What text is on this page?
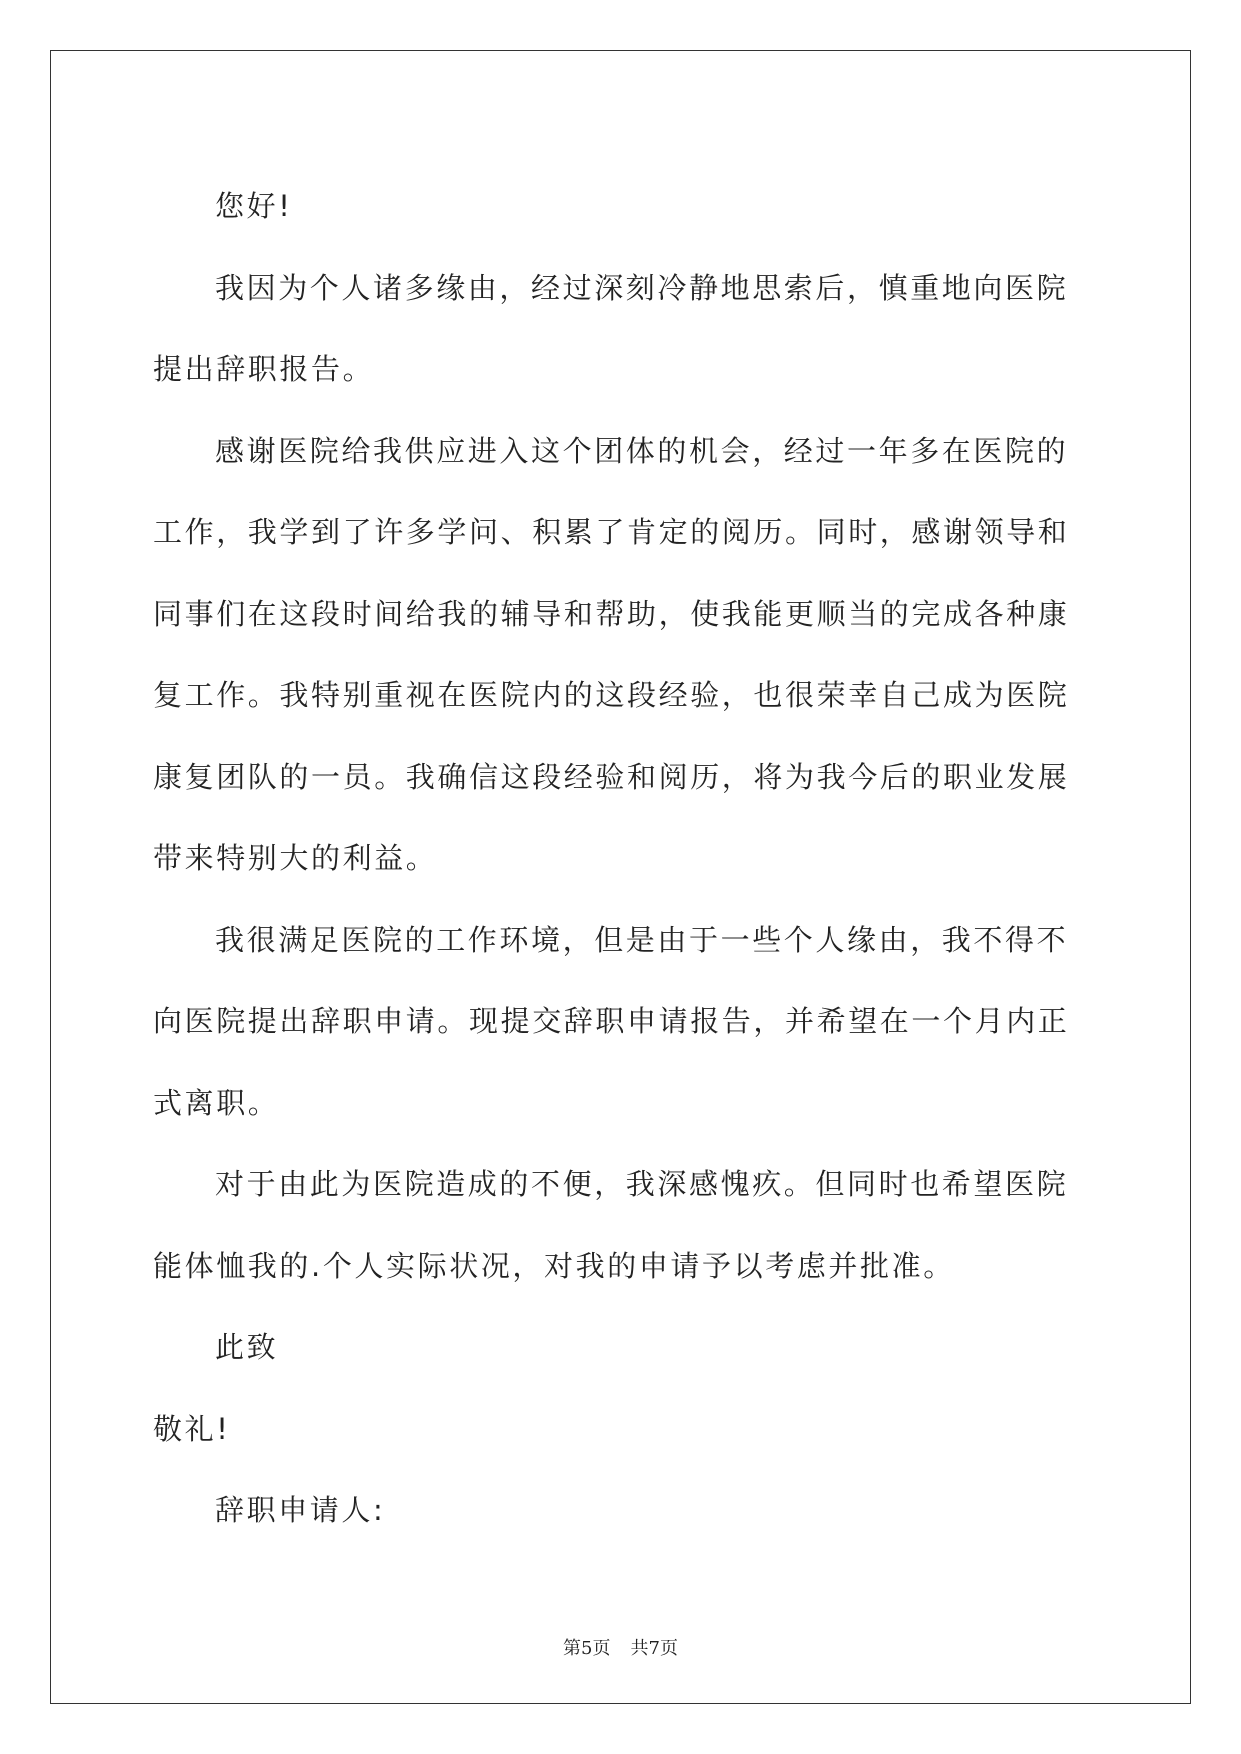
您好!

我因为个人诸多缘由，经过深刻冷静地思索后，慎重地向医院提出辞职报告。

感谢医院给我供应进入这个团体的机会，经过一年多在医院的工作，我学到了许多学问、积累了肯定的阅历。同时，感谢领导和同事们在这段时间给我的辅导和帮助，使我能更顺当的完成各种康复工作。我特别重视在医院内的这段经验，也很荣幸自己成为医院康复团队的一员。我确信这段经验和阅历，将为我今后的职业发展带来特别大的利益。

我很满足医院的工作环境，但是由于一些个人缘由，我不得不向医院提出辞职申请。现提交辞职申请报告，并希望在一个月内正式离职。

对于由此为医院造成的不便，我深感愧疚。但同时也希望医院能体恤我的.个人实际状况，对我的申请予以考虑并批准。

此致

敬礼!

辞职申请人:

第5页 共7页
